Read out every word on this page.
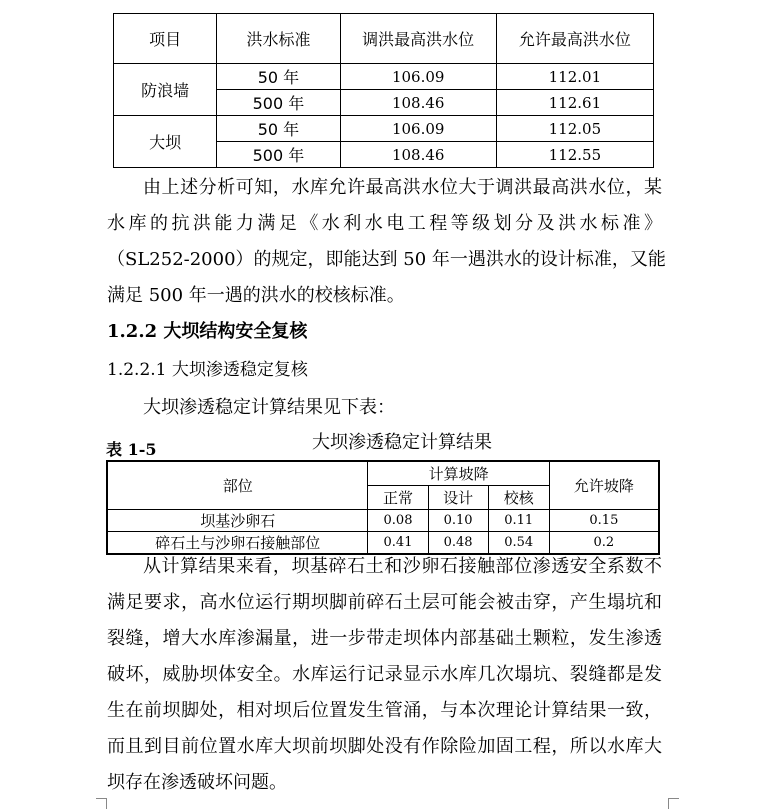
项目	洪水标准	调洪最高洪水位	允许最高洪水位
防浪墙	50 年	106.09	112.01
	500 年	108.46	112.61
大坝	50 年	106.09	112.05
	500 年	108.46	112.55
由上述分析可知，水库允许最高洪水位大于调洪最高洪水位，某
水库的抗洪能力满足《水利水电工程等级划分及洪水标准》
（SL252-2000）的规定，即能达到 50 年一遇洪水的设计标准，又能
满足 500 年一遇的洪水的校核标准。
1.2.2 大坝结构安全复核
1.2.2.1 大坝渗透稳定复核
大坝渗透稳定计算结果见下表：
表 1-5	大坝渗透稳定计算结果
部位	计算坡降			允许坡降
	正常	设计	校核	
坝基沙卵石	0.08	0.10	0.11	0.15
碎石土与沙卵石接触部位	0.41	0.48	0.54	0.2
从计算结果来看，坝基碎石土和沙卵石接触部位渗透安全系数不
满足要求，高水位运行期坝脚前碎石土层可能会被击穿，产生塌坑和
裂缝，增大水库渗漏量，进一步带走坝体内部基础土颗粒，发生渗透
破坏，威胁坝体安全。水库运行记录显示水库几次塌坑、裂缝都是发
生在前坝脚处，相对坝后位置发生管涌，与本次理论计算结果一致，
而且到目前位置水库大坝前坝脚处没有作除险加固工程，所以水库大
坝存在渗透破坏问题。
